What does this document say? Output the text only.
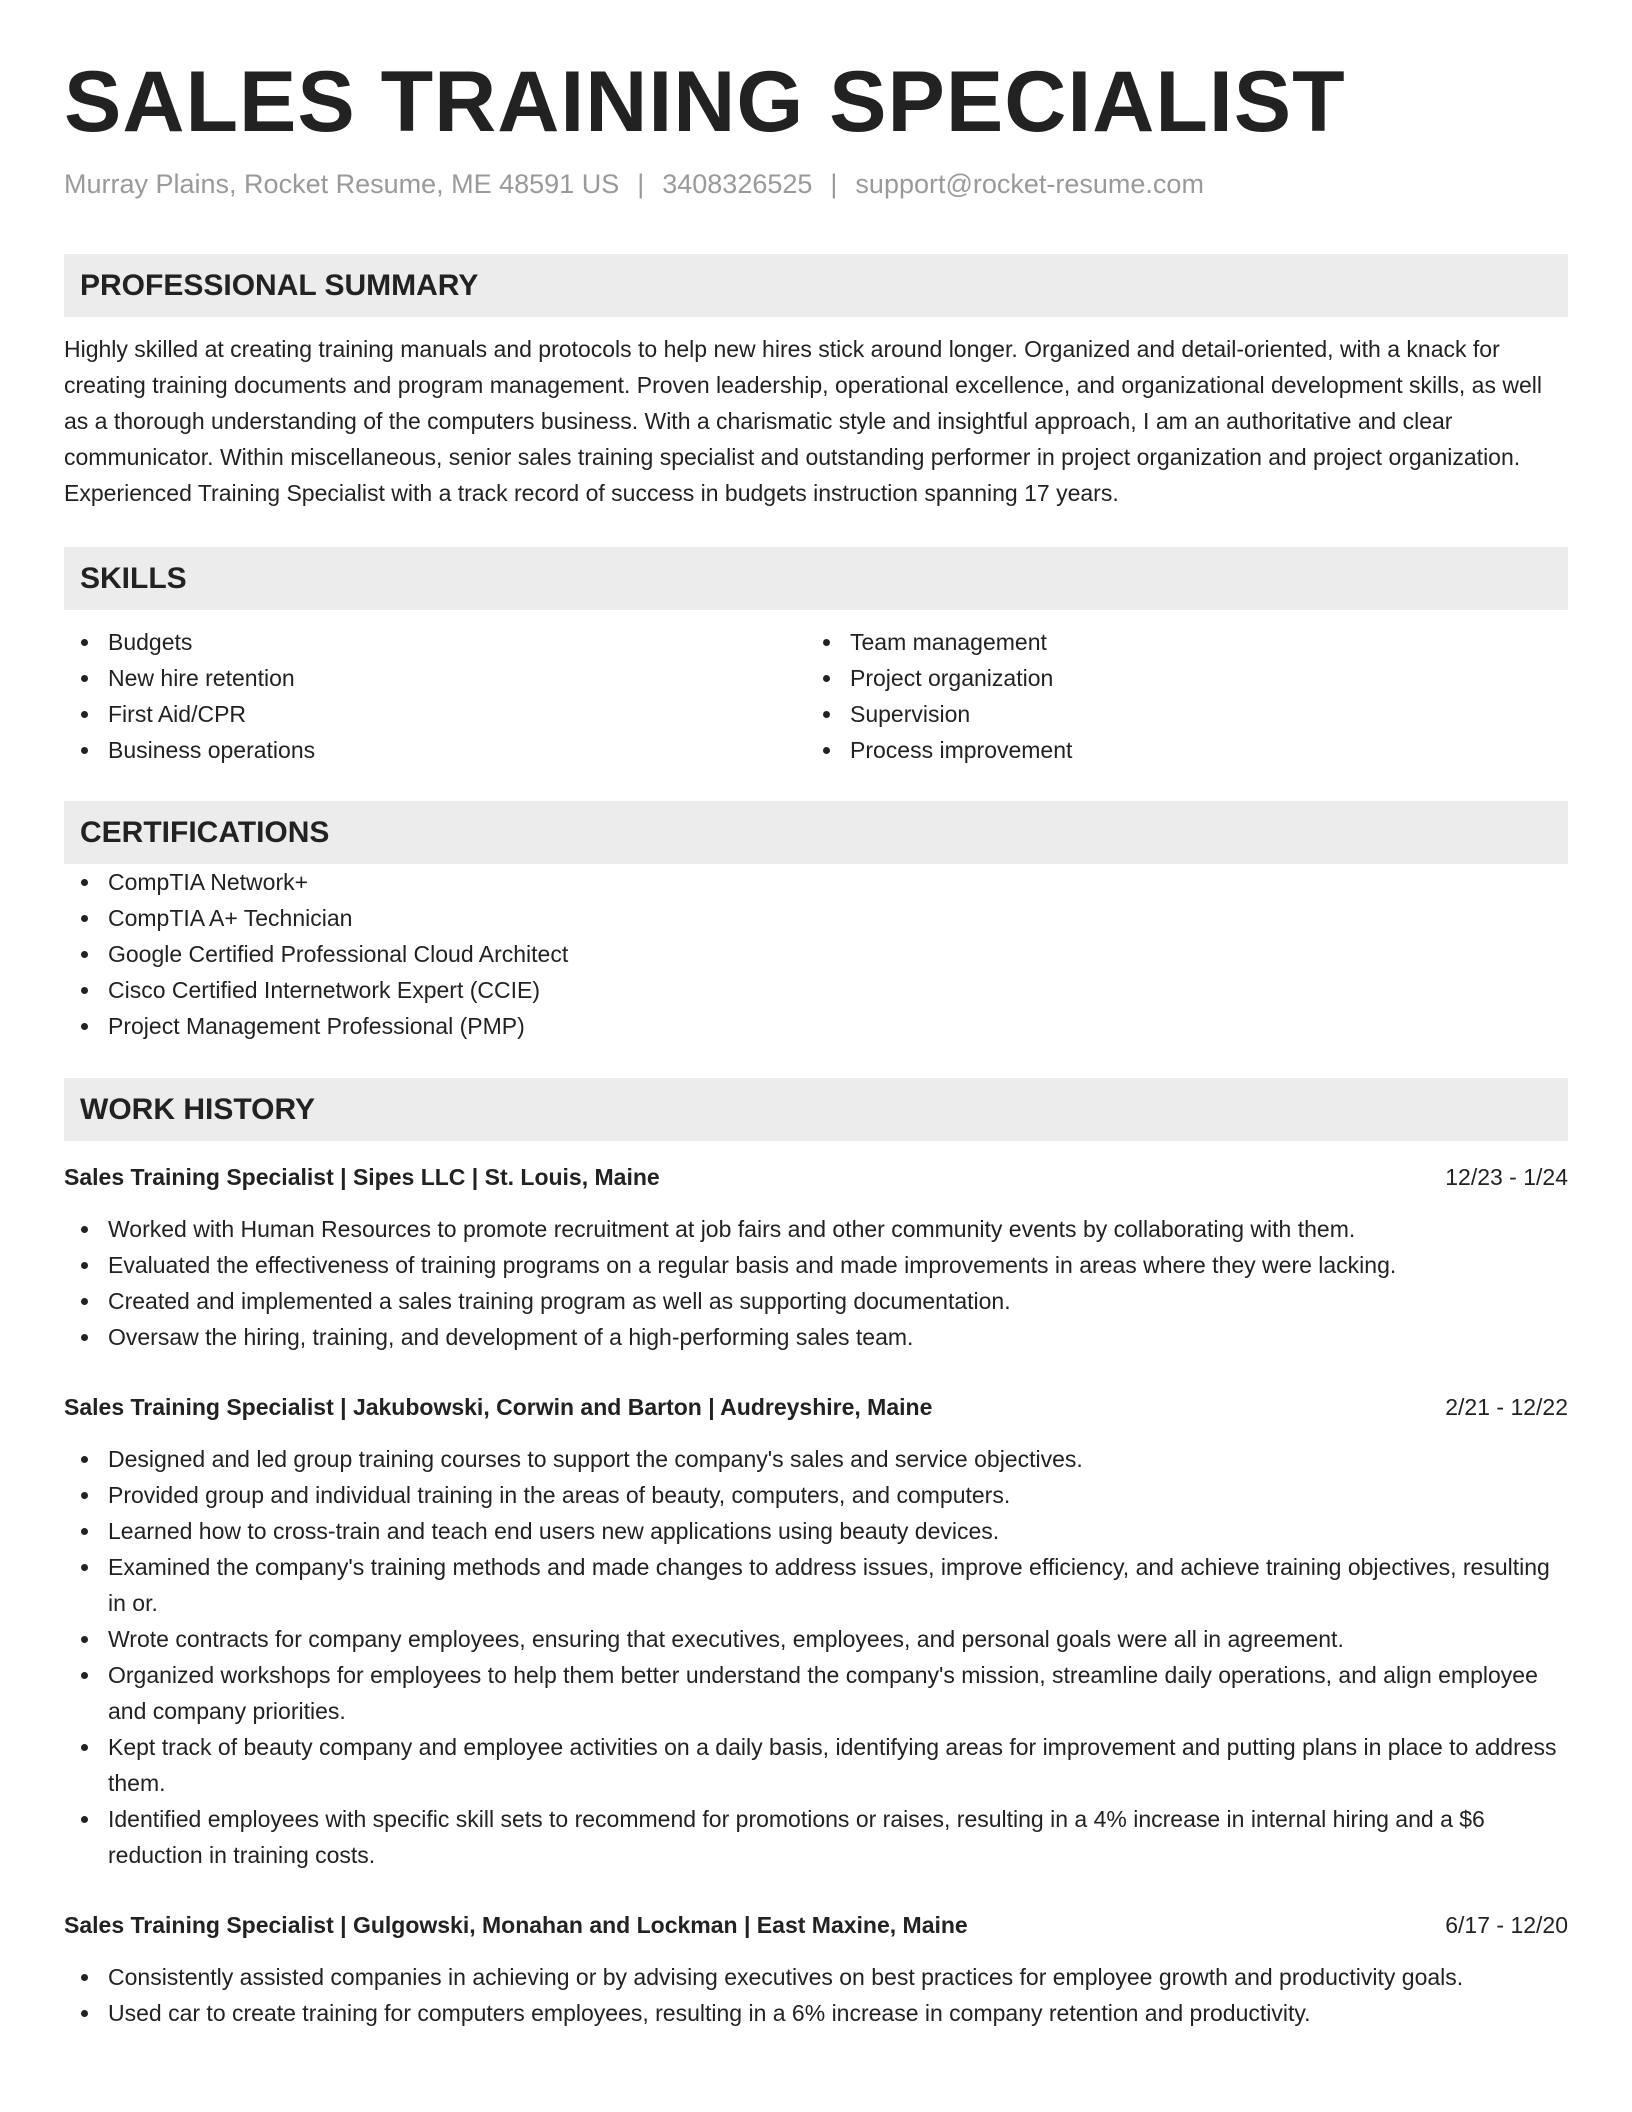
SALES TRAINING SPECIALIST
Murray Plains, Rocket Resume, ME 48591 US | 3408326525 | support@rocket-resume.com
PROFESSIONAL SUMMARY

Highly skilled at creating training manuals and protocols to help new hires stick around longer. Organized and detail-oriented, with a knack for creating training documents and program management. Proven leadership, operational excellence, and organizational development skills, as well as a thorough understanding of the computers business. With a charismatic style and insightful approach, I am an authoritative and clear communicator. Within miscellaneous, senior sales training specialist and outstanding performer in project organization and project organization. Experienced Training Specialist with a track record of success in budgets instruction spanning 17 years.

SKILLS
Budgets
New hire retention
First Aid/CPR
Business operations
Team management
Project organization
Supervision
Process improvement
CERTIFICATIONS
CompTIA Network+
CompTIA A+ Technician
Google Certified Professional Cloud Architect
Cisco Certified Internetwork Expert (CCIE)
Project Management Professional (PMP)
WORK HISTORY
Sales Training Specialist | Sipes LLC | St. Louis, Maine	12/23 - 1/24
Worked with Human Resources to promote recruitment at job fairs and other community events by collaborating with them.
Evaluated the effectiveness of training programs on a regular basis and made improvements in areas where they were lacking.
Created and implemented a sales training program as well as supporting documentation.
Oversaw the hiring, training, and development of a high-performing sales team.
Sales Training Specialist | Jakubowski, Corwin and Barton | Audreyshire, Maine	2/21 - 12/22
Designed and led group training courses to support the company's sales and service objectives.
Provided group and individual training in the areas of beauty, computers, and computers.
Learned how to cross-train and teach end users new applications using beauty devices.
Examined the company's training methods and made changes to address issues, improve efficiency, and achieve training objectives, resulting in or.
Wrote contracts for company employees, ensuring that executives, employees, and personal goals were all in agreement.
Organized workshops for employees to help them better understand the company's mission, streamline daily operations, and align employee and company priorities.
Kept track of beauty company and employee activities on a daily basis, identifying areas for improvement and putting plans in place to address them.
Identified employees with specific skill sets to recommend for promotions or raises, resulting in a 4% increase in internal hiring and a $6 reduction in training costs.
Sales Training Specialist | Gulgowski, Monahan and Lockman | East Maxine, Maine	6/17 - 12/20
Consistently assisted companies in achieving or by advising executives on best practices for employee growth and productivity goals.
Used car to create training for computers employees, resulting in a 6% increase in company retention and productivity.
